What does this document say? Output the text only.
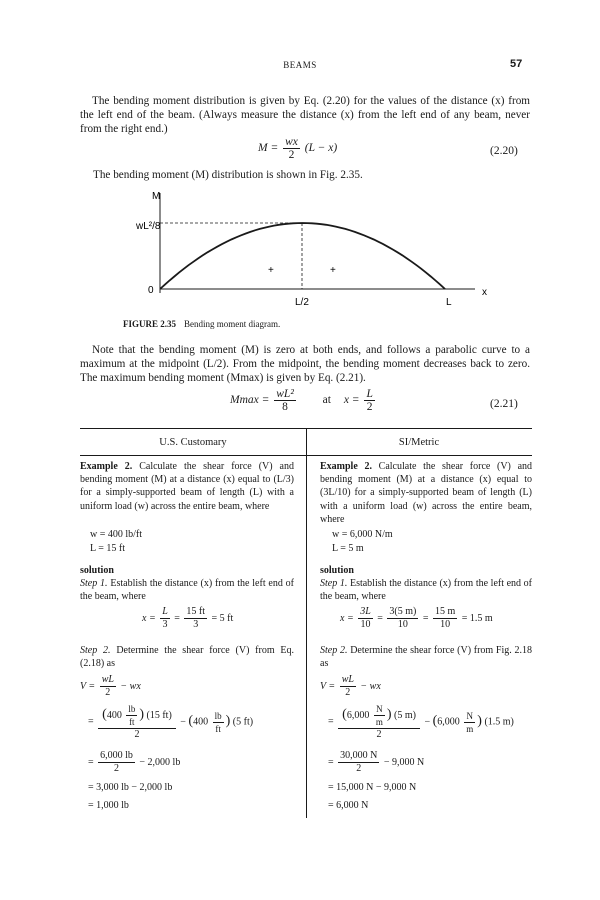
BEAMS	57
The bending moment distribution is given by Eq. (2.20) for the values of the distance (x) from the left end of the beam. (Always measure the distance (x) from the left end of any beam, never from the right end.)
$M = \frac{wx}{2} (L - x)$	(2.20)
The bending moment (M) distribution is shown in Fig. 2.35.
M
wL²/8
0	x
L/2	L
+	+
FIGURE 2.35 Bending moment diagram.
Note that the bending moment (M) is zero at both ends, and follows a parabolic curve to a maximum at the midpoint (L/2). From the midpoint, the bending moment decreases back to zero. The maximum bending moment (Mmax) is given by Eq. (2.21).
$Mmax = \frac{\text{wL²}}{8}$ at $x = \frac{L}{2}$	(2.21)
U.S. Customary	SI/Metric
Example 2. Calculate the shear force (V) and bending moment (M) at a distance (x) equal to (L/3) for a simply-supported beam of length (L) with a uniform load (w) across the entire beam, where
w = 400 lb/ft
L = 15 ft
solution
Step 1. Establish the distance (x) from the left end of the beam, where
$x = \frac{L}{3} = \frac{15 ft}{3} = 5$ ft
Step 2. Determine the shear force (V) from Eq. (2.18) as
$V = \frac{wL}{2}$ − wx
= $\frac{(400 \frac{lb}{ft} ) (15 ft)}{2} - (400 \frac{lb}{ft}$ ) (5 ft)
= $\frac{6,000 lb}{2} - 2,000$ lb
= 3,000 lb − 2,000 lb
= 1,000 lb
Example 2. Calculate the shear force (V) and bending moment (M) at a distance (x) equal to (3L/10) for a simply-supported beam of length (L) with a uniform load (w) across the entire beam, where
w = 6,000 N/m
L = 5 m
solution
Step 1. Establish the distance (x) from the left end of the beam, where
$x = \frac{3L}{10} = \frac{3(5 m)}{10} = \frac{15 m}{10} = 1.5$ m
Step 2. Determine the shear force (V) from Fig. 2.18 as
$V = \frac{wL}{2}$ − wx
= $\frac{(6,000 \frac{N}{m} ) (5 m)}{2} - (6,000 \frac{N}{m}$ ) (1.5 m)
= $\frac{30,000 N}{2} - 9,000$ N
= 15,000 N − 9,000 N
= 6,000 N
